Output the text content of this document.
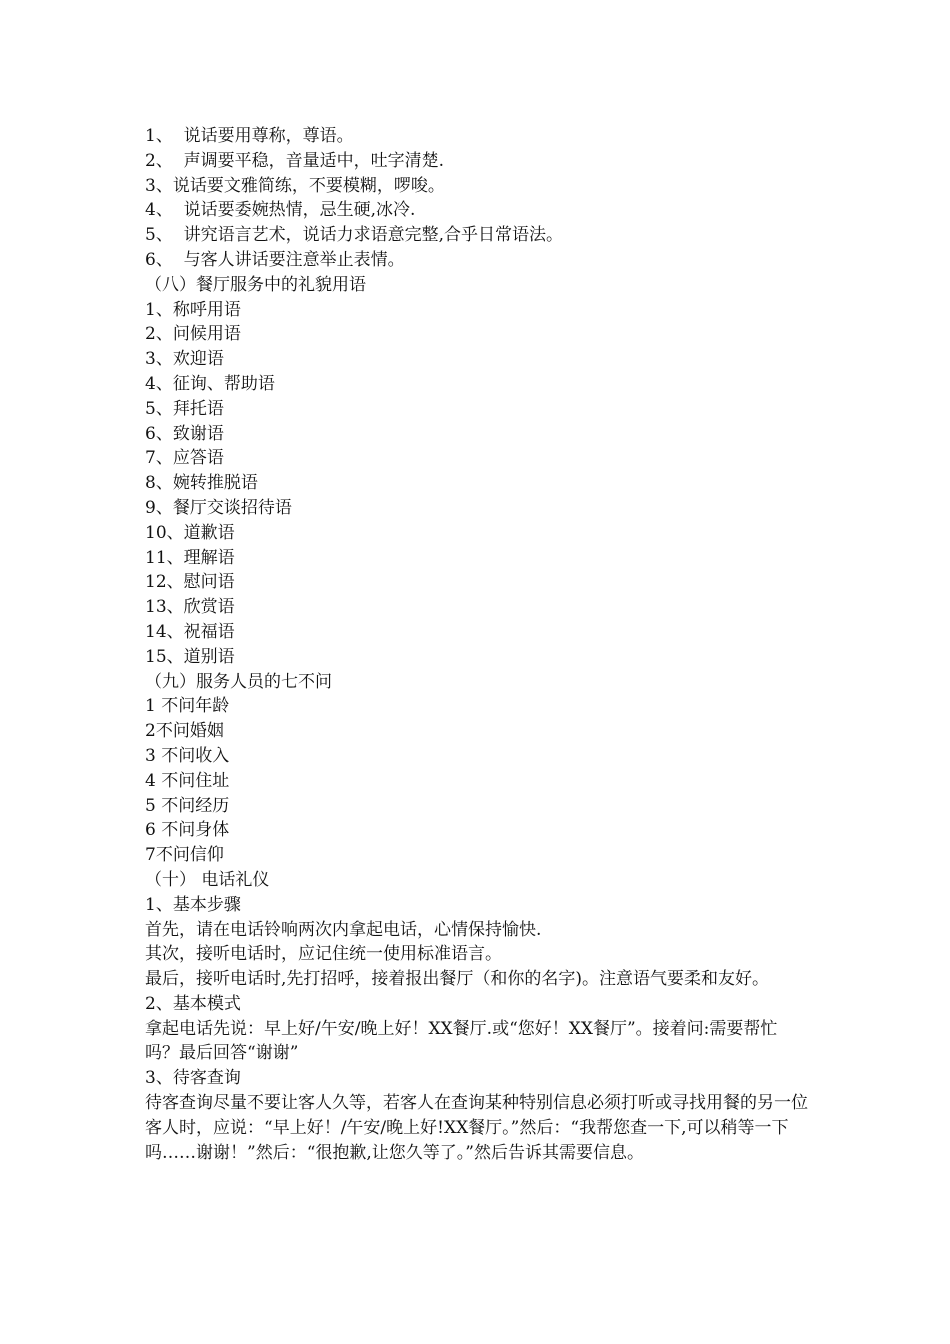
1、  说话要用尊称，尊语。

2、  声调要平稳，音量适中，吐字清楚.

3、说话要文雅简练，不要模糊，啰唆。

4、  说话要委婉热情，忌生硬,冰冷.

5、  讲究语言艺术，说话力求语意完整,合乎日常语法。

6、  与客人讲话要注意举止表情。

（八）餐厅服务中的礼貌用语

1、称呼用语

2、问候用语

3、欢迎语

4、征询、帮助语

5、拜托语

6、致谢语

7、应答语

8、婉转推脱语

9、餐厅交谈招待语

10、道歉语

11、理解语

12、慰问语

13、欣赏语

14、祝福语

15、道别语

（九）服务人员的七不问

1 不问年龄

2不问婚姻

3 不问收入

4 不问住址

5 不问经历

6 不问身体

7不问信仰

（十） 电话礼仪

1、基本步骤

首先，请在电话铃响两次内拿起电话，心情保持愉快.

其次，接听电话时，应记住统一使用标准语言。

最后，接听电话时,先打招呼，接着报出餐厅（和你的名字)。注意语气要柔和友好。

2、基本模式

拿起电话先说：早上好/午安/晚上好！XX餐厅.或“您好！XX餐厅”。接着问:需要帮忙吗？最后回答“谢谢”

3、待客查询

待客查询尽量不要让客人久等，若客人在查询某种特别信息必须打听或寻找用餐的另一位客人时，应说：“早上好！/午安/晚上好!XX餐厅。”然后：“我帮您查一下,可以稍等一下吗……谢谢！”然后：“很抱歉,让您久等了。”然后告诉其需要信息。
